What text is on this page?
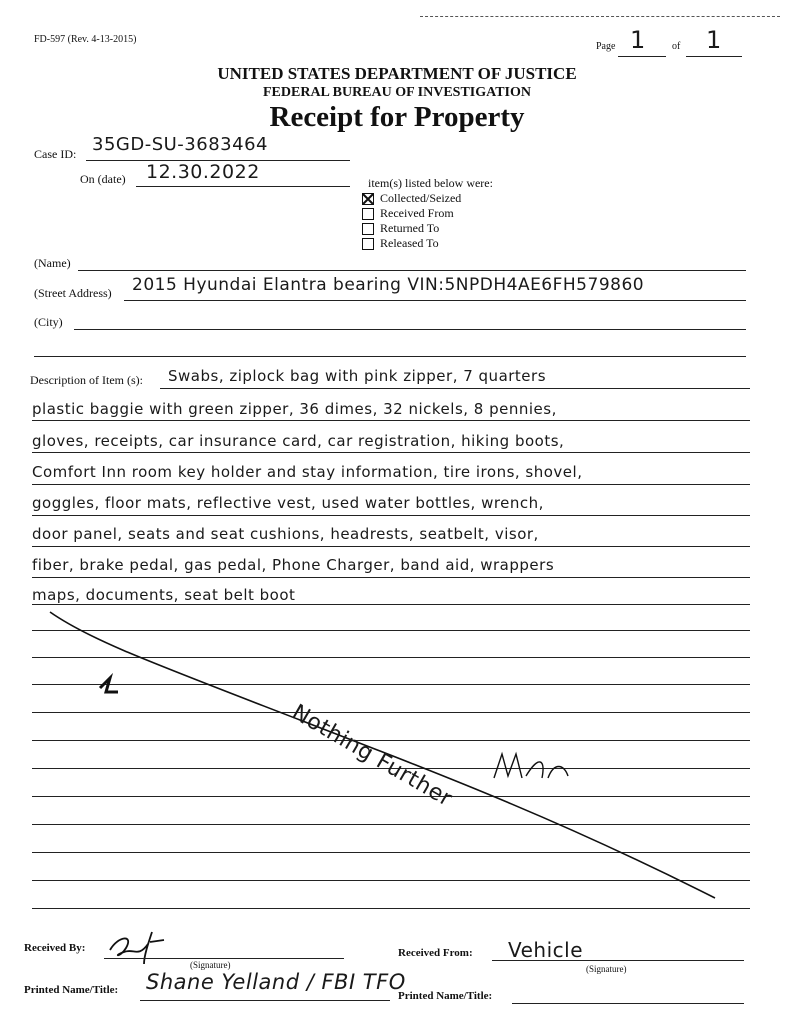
FD-597 (Rev. 4-13-2015)
Page 1	of 1
UNITED STATES DEPARTMENT OF JUSTICE
FEDERAL BUREAU OF INVESTIGATION
Receipt for Property
Case ID: 35GD-SU-3683464
On (date) 12.30.2022	item(s) listed below were:
Collected/Seized
Received From
Returned To
Released To
(Name)
(Street Address) 2015 Hyundai Elantra bearing VIN:5NPDH4AE6FH579860
(City)
Description of Item (s): Swabs, ziplock bag with pink zipper, 7 quarters
plastic baggie with green zipper, 36 dimes, 32 nickels, 8 pennies,
gloves, receipts, car insurance card, car registration, hiking boots,
Comfort Inn room key holder and stay information, tire irons, shovel,
goggles, floor mats, reflective vest, used water bottles, wrench,
door panel, seats and seat cushions, headrests, seatbelt, visor,
fiber, brake pedal, gas pedal, Phone Charger, band aid, wrappers
maps, documents, seat belt boot
Nothing Further
Received By:
(Signature)
Printed Name/Title: Shane Yelland / FBI TFO
Received From: Vehicle
(Signature)
Printed Name/Title:
